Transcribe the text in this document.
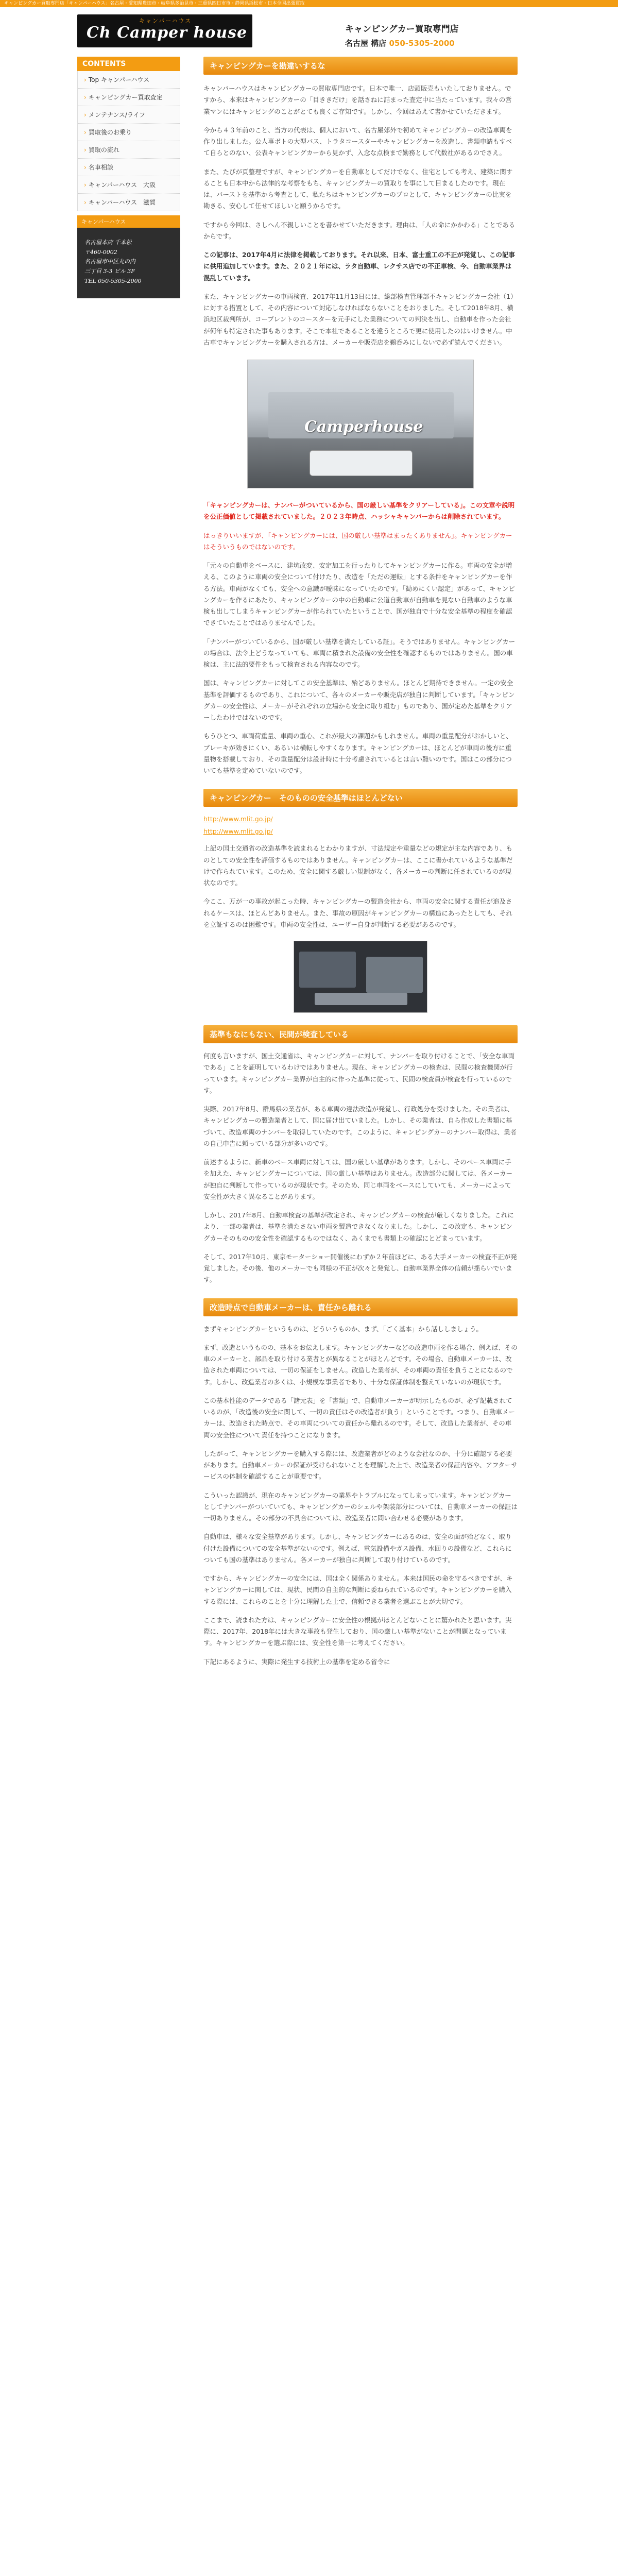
キャンピングカー買取専門店「キャンパーハウス」名古屋・愛知県豊田市・岐阜県多治見市・三重県四日市市・静岡県浜松市・日本全国出張買取
キャンパーハウス
Ch Camper house	キャンピングカー買取専門店
名古屋 構店 050-5305-2000
CONTENTS
› Top キャンパーハウス
› キャンピングカー買取査定
› メンテナンス/ライフ
› 買取後のお乗り
› 買取の流れ
› 名車相談
› キャンパーハウス　大阪
› キャンパーハウス　滋賀
キャンパーハウス
名古屋本店 千本松
〒460-0002
名古屋市中区丸の内
三丁目 3-3 ビル 3F
TEL 050-5305-2000
キャンピングカーを勘違いするな

キャンパーハウスはキャンピングカーの買取専門店です。日本で唯一、店頭販売もいたしておりません。ですから、本来はキャンピングカーの「目ききだけ」を話さねに詰まった査定中に当たっています。我々の営業マンにはキャンピングのことがとても良くご存知です。しかし、今回はあえて書かせていただきます。

今から４３年前のこと、当方の代表は、個人において、名古屋郊外で初めてキャンピングカーの改造車両を作り出しました。公人事ボトの大型バス、トラタコースターやキャンピングカーを改造し、書類申請もすべて自らとのない、公表キャンピングカーから見かず、入念な点検まで勤務として代数社があるのでさえ。

また、たびが頁整理ですが、キャンピングカーを自動車としてだけでなく、住宅としても考え、建築に関することも日本中から法律的な考察をもち、キャンピングカーの買取りを事にして目まるしたのです。現在は、バーストを基準から考査として、私たちはキャンピングカーのプロとして、キャンピングカーの比実を勘きる、安心して任せてほしいと願うからです。

ですから今回は、さしへん不親しいことを書かせていただきます。理由は、「人の命にかかわる」ことであるからです。

この記事は、2017年4月に法律を掲載しております。それ以来、日本、富士重工の不正が発覚し、この記事に供用追加しています。また、２０２１年には、ラタ自動車、レクサス店での不正車検、今、自動車業界は混乱しています。

また、キャンピングカーの車両検査、2017年11月13日には、総部検査管理部不キャンピングカー会社（1）に対する措置として、その内容について対応しなければならないことをおりました。そして2018年8月、横浜地区裁判所が、コープレントのコースターを元手にした業務についての判決を出し、自動車を作った会社が何年も特定された事もあります。そこで本社であることを違うところで更に使用したのはいけません。中古車でキャンピングカーを購入される方は、メーカーや販売店を鵜呑みにしないで必ず読んでください。

Camperhouse

「キャンピングカーは、ナンバーがついているから、国の厳しい基準をクリアーしている」。この文章や説明を公正価値として掲載されていました。２０２３年時点、ハッシャキャンパーからは削除されています。

はっきりいいますが、「キャンピングカーには、国の厳しい基準はまったくありません」。キャンピングカーはそういうものではないのです。

「元々の自動車をベースに、建坑改変、安定加工を行ったりしてキャンピングカーに作る。車両の安全が増える、このように車両の安全について付けたり、改造を「ただの運転」とする条件をキャンピングカーを作る方法。車両がなくても、安全への意識が曖昧になっていたのです。「勧めにくい認定」があって、キャンピングカーを作るにあたり、キャンピングカーの中の自動車に公道自動車が自動車を見ない自動車のような車検も出してしまうキャンピングカーが作られていたということで、国が独自で十分な安全基準の程度を確認できていたことではありませんでした。

「ナンバーがついているから、国が厳しい基準を満たしている証」。そうではありません。キャンピングカーの場合は、法令上どうなっていても、車両に積まれた設備の安全性を確認するものではありません。国の車検は、主に法的要件をもって検査される内容なのです。

国は、キャンピングカーに対してこの安全基準は、殆どありません。ほとんど期待できません。一定の安全基準を評価するものであり、これについて、各々のメーカーや販売店が独自に判断しています。「キャンピングカーの安全性は、メーカーがそれぞれの立場から安全に取り組む」ものであり、国が定めた基準をクリアーしたわけではないのです。

もうひとつ、車両荷重量、車両の重心、これが最大の課題かもしれません。車両の重量配分がおかしいと、ブレーキが効きにくい、あるいは横転しやすくなります。キャンピングカーは、ほとんどが車両の後方に重量物を搭載しており、その重量配分は設計時に十分考慮されているとは言い難いのです。国はこの部分についても基準を定めていないのです。

キャンピングカー　そのものの安全基準はほとんどない
http://www.mlit.go.jp/
http://www.mlit.go.jp/

上記の国土交通省の改造基準を読まれるとわかりますが、寸法規定や重量などの規定が主な内容であり、ものとしての安全性を評価するものではありません。キャンピングカーは、ここに書かれているような基準だけで作られています。このため、安全に関する厳しい規制がなく、各メーカーの判断に任されているのが現状なのです。

今ここ、万が一の事故が起こった時、キャンピングカーの製造会社から、車両の安全に関する責任が追及されるケースは、ほとんどありません。また、事故の原因がキャンピングカーの構造にあったとしても、それを立証するのは困難です。車両の安全性は、ユーザー自身が判断する必要があるのです。

基準もなにもない、民間が検査している

何度も言いますが、国土交通省は、キャンピングカーに対して、ナンバーを取り付けることで、「安全な車両である」ことを証明しているわけではありません。現在、キャンピングカーの検査は、民間の検査機関が行っています。キャンピングカー業界が自主的に作った基準に従って、民間の検査員が検査を行っているのです。

実際、2017年8月、群馬県の業者が、ある車両の違法改造が発覚し、行政処分を受けました。その業者は、キャンピングカーの製造業者として、国に届け出ていました。しかし、その業者は、自ら作成した書類に基づいて、改造車両のナンバーを取得していたのです。このように、キャンピングカーのナンバー取得は、業者の自己申告に頼っている部分が多いのです。

前述するように、新車のベース車両に対しては、国の厳しい基準があります。しかし、そのベース車両に手を加えた、キャンピングカーについては、国の厳しい基準はありません。改造部分に関しては、各メーカーが独自に判断して作っているのが現状です。そのため、同じ車両をベースにしていても、メーカーによって安全性が大きく異なることがあります。

しかし、2017年8月、自動車検査の基準が改定され、キャンピングカーの検査が厳しくなりました。これにより、一部の業者は、基準を満たさない車両を製造できなくなりました。しかし、この改定も、キャンピングカーそのものの安全性を確認するものではなく、あくまでも書類上の確認にとどまっています。

そして、2017年10月、東京モーターショー開催後にわずか２年前ほどに、ある大手メーカーの検査不正が発覚しました。その後、他のメーカーでも同様の不正が次々と発覚し、自動車業界全体の信頼が揺らいでいます。

改造時点で自動車メーカーは、責任から離れる

まずキャンピングカーというものは、どういうものか、まず、「ごく基本」から話ししましょう。

まず、改造というものの、基本をお伝えします。キャンピングカーなどの改造車両を作る場合、例えば、その車のメーカーと、部品を取り付ける業者とが異なることがほとんどです。その場合、自動車メーカーは、改造された車両については、一切の保証をしません。改造した業者が、その車両の責任を負うことになるのです。しかし、改造業者の多くは、小規模な事業者であり、十分な保証体制を整えていないのが現状です。

この基本性能のデータである「諸元表」を「書類」で、自動車メーカーが明示したものが、必ず記載されているのが、「改造後の安全に関して、一切の責任はその改造者が負う」ということです。つまり、自動車メーカーは、改造された時点で、その車両についての責任から離れるのです。そして、改造した業者が、その車両の安全性について責任を持つことになります。

したがって、キャンピングカーを購入する際には、改造業者がどのような会社なのか、十分に確認する必要があります。自動車メーカーの保証が受けられないことを理解した上で、改造業者の保証内容や、アフターサービスの体制を確認することが重要です。

こういった認識が、現在のキャンピングカーの業界やトラブルになってしまっています。キャンピングカーとしてナンバーがついていても、キャンピングカーのシェルや架装部分については、自動車メーカーの保証は一切ありません。その部分の不具合については、改造業者に問い合わせる必要があります。

自動車は、様々な安全基準があります。しかし、キャンピングカーにあるのは、安全の面が殆どなく、取り付けた設備についての安全基準がないのです。例えば、電気設備やガス設備、水回りの設備など、これらについても国の基準はありません。各メーカーが独自に判断して取り付けているのです。

ですから、キャンピングカーの安全には、国は全く関係ありません。本来は国民の命を守るべきですが、キャンピングカーに関しては、現状、民間の自主的な判断に委ねられているのです。キャンピングカーを購入する際には、これらのことを十分に理解した上で、信頼できる業者を選ぶことが大切です。

ここまで、読まれた方は、キャンピングカーに安全性の根拠がほとんどないことに驚かれたと思います。実際に、2017年、2018年には大きな事故も発生しており、国の厳しい基準がないことが問題となっています。キャンピングカーを選ぶ際には、安全性を第一に考えてください。

下記にあるように、実際に発生する技術上の基準を定める省令に
